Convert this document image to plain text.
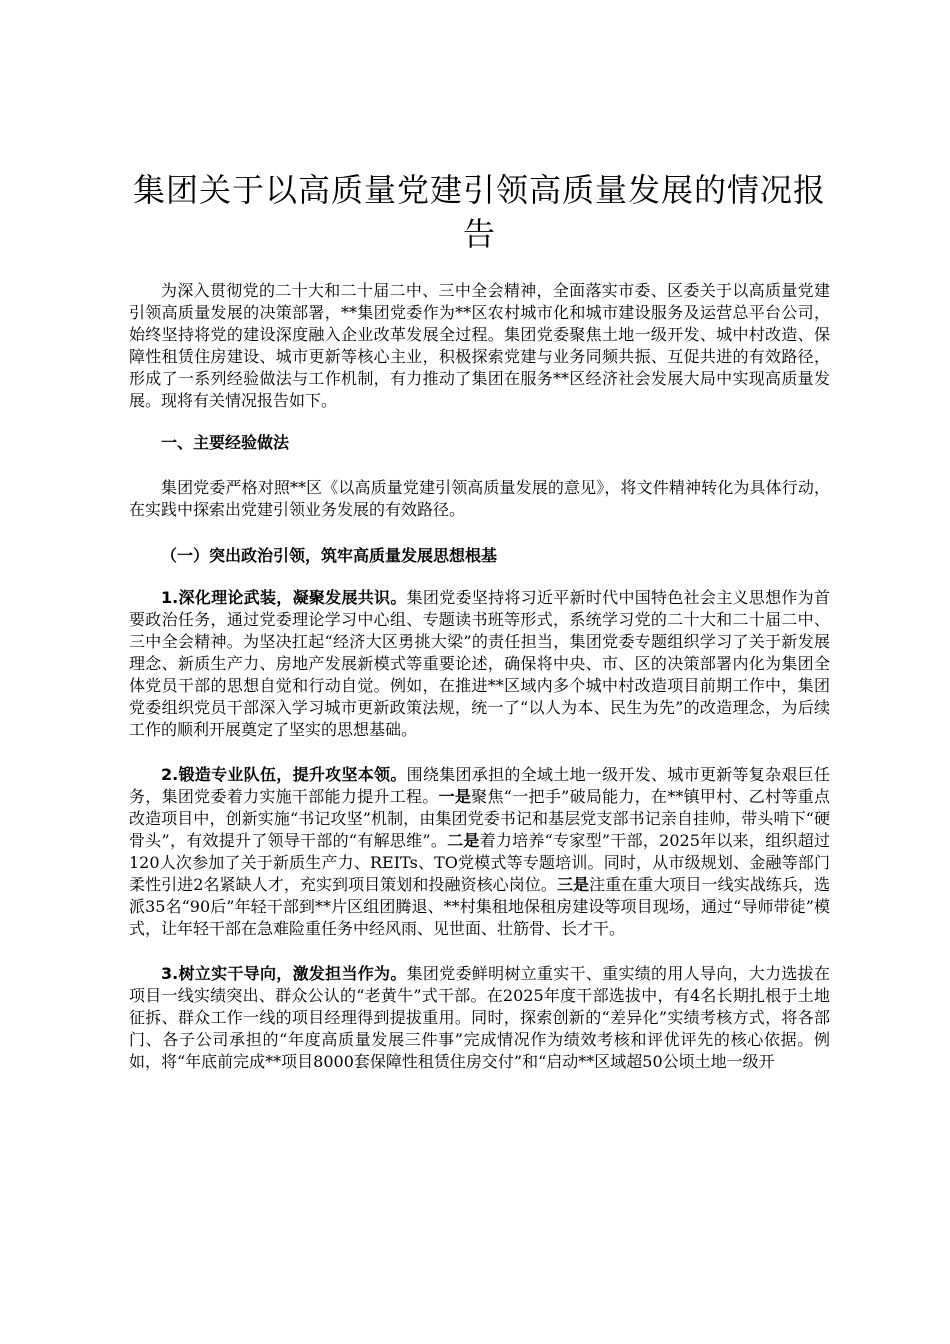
集团关于以高质量党建引领高质量发展的情况报告

为深入贯彻党的二十大和二十届二中、三中全会精神，全面落实市委、区委关于以高质量党建引领高质量发展的决策部署，**集团党委作为**区农村城市化和城市建设服务及运营总平台公司，始终坚持将党的建设深度融入企业改革发展全过程。集团党委聚焦土地一级开发、城中村改造、保障性租赁住房建设、城市更新等核心主业，积极探索党建与业务同频共振、互促共进的有效路径，形成了一系列经验做法与工作机制，有力推动了集团在服务**区经济社会发展大局中实现高质量发展。现将有关情况报告如下。

一、主要经验做法

集团党委严格对照**区《以高质量党建引领高质量发展的意见》，将文件精神转化为具体行动，在实践中探索出党建引领业务发展的有效路径。

（一）突出政治引领，筑牢高质量发展思想根基

1.深化理论武装，凝聚发展共识。集团党委坚持将习近平新时代中国特色社会主义思想作为首要政治任务，通过党委理论学习中心组、专题读书班等形式，系统学习党的二十大和二十届二中、三中全会精神。为坚决扛起“经济大区勇挑大梁”的责任担当，集团党委专题组织学习了关于新发展理念、新质生产力、房地产发展新模式等重要论述，确保将中央、市、区的决策部署内化为集团全体党员干部的思想自觉和行动自觉。例如，在推进**区域内多个城中村改造项目前期工作中，集团党委组织党员干部深入学习城市更新政策法规，统一了“以人为本、民生为先”的改造理念，为后续工作的顺利开展奠定了坚实的思想基础。

2.锻造专业队伍，提升攻坚本领。围绕集团承担的全域土地一级开发、城市更新等复杂艰巨任务，集团党委着力实施干部能力提升工程。一是聚焦“一把手”破局能力，在**镇甲村、乙村等重点改造项目中，创新实施“书记攻坚”机制，由集团党委书记和基层党支部书记亲自挂帅，带头啃下“硬骨头”，有效提升了领导干部的“有解思维”。二是着力培养“专家型”干部，2025年以来，组织超过120人次参加了关于新质生产力、REITs、TO党模式等专题培训。同时，从市级规划、金融等部门柔性引进2名紧缺人才，充实到项目策划和投融资核心岗位。三是注重在重大项目一线实战练兵，选派35名“90后”年轻干部到**片区组团腾退、**村集租地保租房建设等项目现场，通过“导师带徒”模式，让年轻干部在急难险重任务中经风雨、见世面、壮筋骨、长才干。

3.树立实干导向，激发担当作为。集团党委鲜明树立重实干、重实绩的用人导向，大力选拔在项目一线实绩突出、群众公认的“老黄牛”式干部。在2025年度干部选拔中，有4名长期扎根于土地征拆、群众工作一线的项目经理得到提拔重用。同时，探索创新的“差异化”实绩考核方式，将各部门、各子公司承担的“年度高质量发展三件事”完成情况作为绩效考核和评优评先的核心依据。例如，将“年底前完成**项目8000套保障性租赁住房交付”和“启动**区域超50公顷土地一级开
